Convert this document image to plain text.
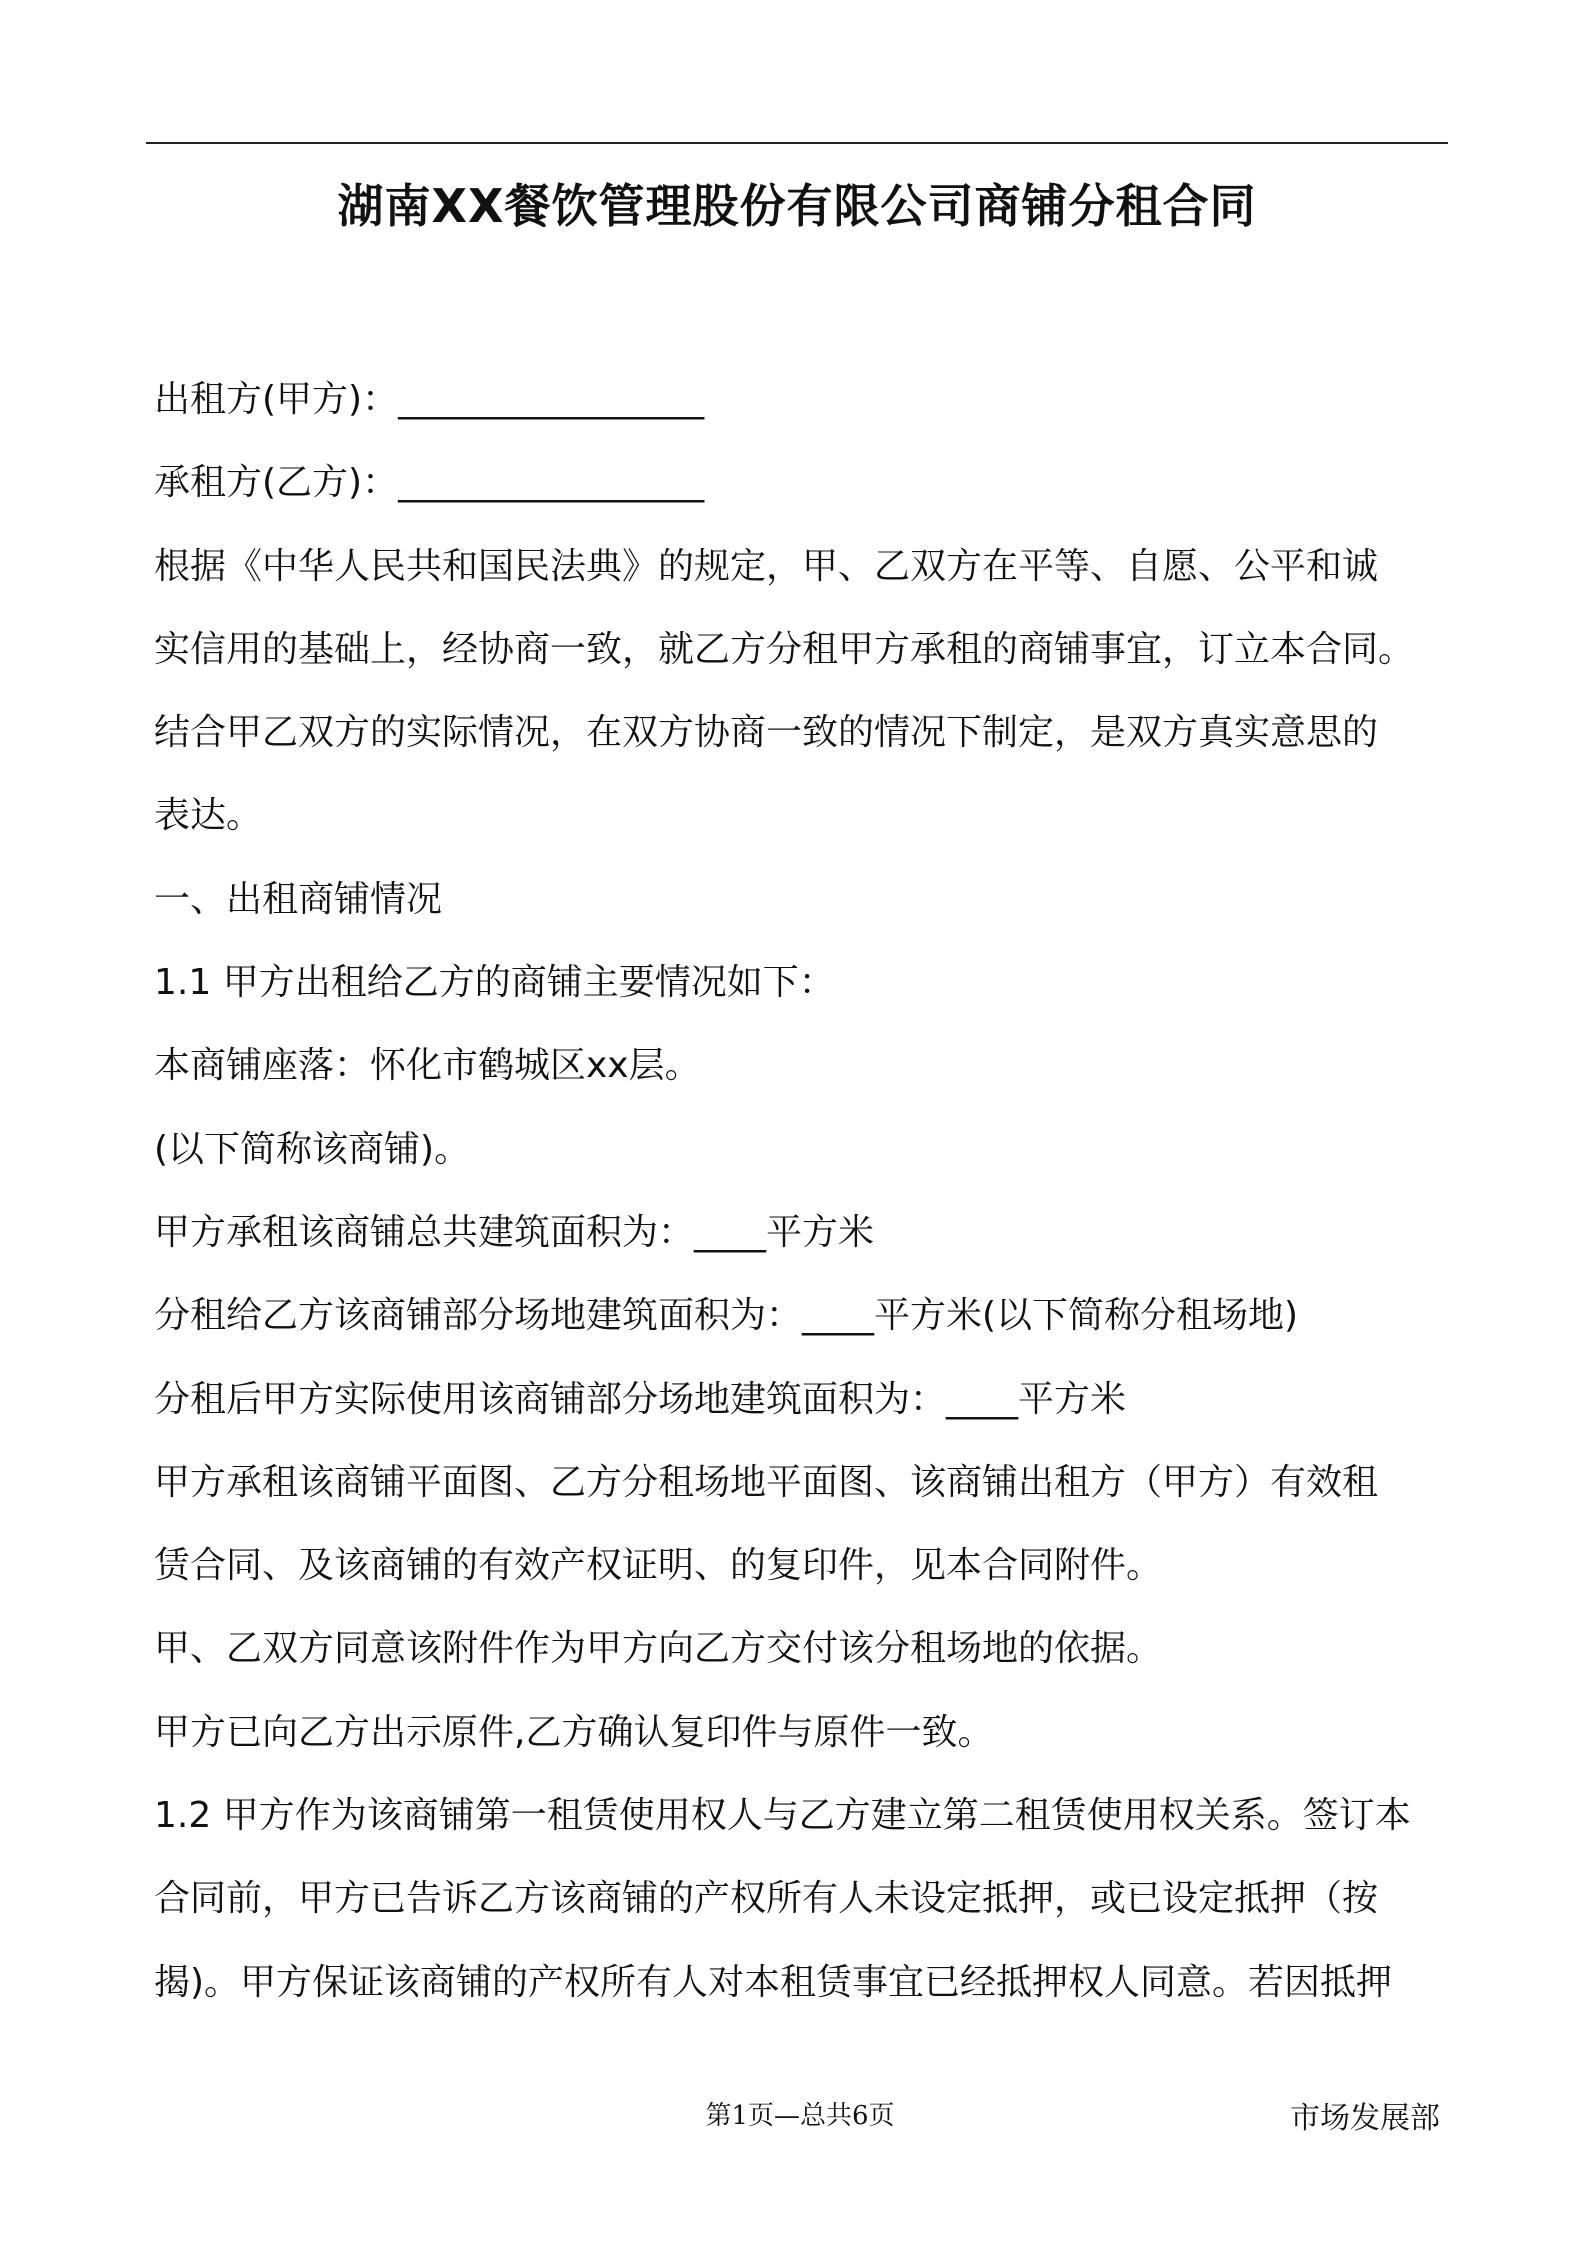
湖南XX餐饮管理股份有限公司商铺分租合同

出租方(甲方)：_________________

承租方(乙方)：_________________

根据《中华人民共和国民法典》的规定，甲、乙双方在平等、自愿、公平和诚

实信用的基础上，经协商一致，就乙方分租甲方承租的商铺事宜，订立本合同。

结合甲乙双方的实际情况，在双方协商一致的情况下制定，是双方真实意思的

表达。

一、出租商铺情况

1.1 甲方出租给乙方的商铺主要情况如下：

本商铺座落：怀化市鹤城区xx层。

(以下简称该商铺)。

甲方承租该商铺总共建筑面积为：____平方米

分租给乙方该商铺部分场地建筑面积为：____平方米(以下简称分租场地)

分租后甲方实际使用该商铺部分场地建筑面积为：____平方米

甲方承租该商铺平面图、乙方分租场地平面图、该商铺出租方（甲方）有效租

赁合同、及该商铺的有效产权证明、的复印件，见本合同附件。

甲、乙双方同意该附件作为甲方向乙方交付该分租场地的依据。

甲方已向乙方出示原件,乙方确认复印件与原件一致。

1.2 甲方作为该商铺第一租赁使用权人与乙方建立第二租赁使用权关系。签订本

合同前，甲方已告诉乙方该商铺的产权所有人未设定抵押，或已设定抵押（按

揭)。甲方保证该商铺的产权所有人对本租赁事宜已经抵押权人同意。若因抵押

第1页—总共6页	市场发展部
